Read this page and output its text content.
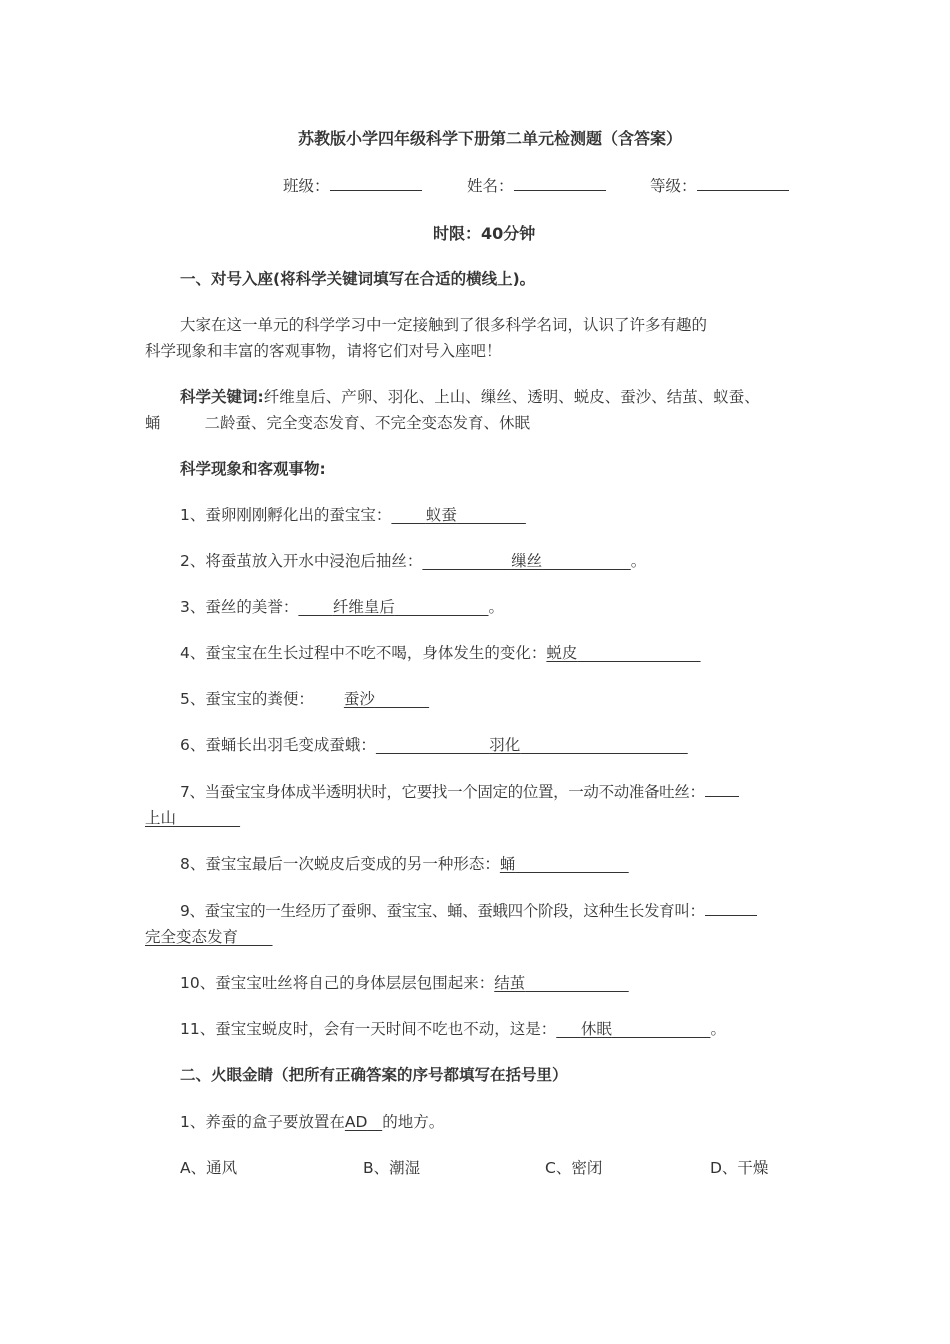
苏教版小学四年级科学下册第二单元检测题（含答案）
班级：	姓名：	等级：
时限：40分钟
一、对号入座(将科学关键词填写在合适的横线上)。
大家在这一单元的科学学习中一定接触到了很多科学名词，认识了许多有趣的
科学现象和丰富的客观事物，请将它们对号入座吧！
科学关键词:纤维皇后、产卵、羽化、上山、缫丝、透明、蜕皮、蚕沙、结茧、蚁蚕、
蛹	二龄蚕、完全变态发育、不完全变态发育、休眠
科学现象和客观事物:
1、蚕卵刚刚孵化出的蚕宝宝： 蚁蚕
2、将蚕茧放入开水中浸泡后抽丝：	缫丝	。
3、蚕丝的美誉： 纤维皇后	。
4、蚕宝宝在生长过程中不吃不喝，身体发生的变化：蜕皮
5、蚕宝宝的粪便： 蚕沙
6、蚕蛹长出羽毛变成蚕蛾：	羽化
7、当蚕宝宝身体成半透明状时，它要找一个固定的位置，一动不动准备吐丝：
上山
8、蚕宝宝最后一次蜕皮后变成的另一种形态：蛹
9、蚕宝宝的一生经历了蚕卵、蚕宝宝、蛹、蚕蛾四个阶段，这种生长发育叫：
完全变态发育
10、蚕宝宝吐丝将自己的身体层层包围起来：结茧
11、蚕宝宝蜕皮时，会有一天时间不吃也不动，这是： 休眠	。
二、火眼金睛（把所有正确答案的序号都填写在括号里）
1、养蚕的盒子要放置在AD 的地方。
A、通风	B、潮湿	C、密闭	D、干燥
